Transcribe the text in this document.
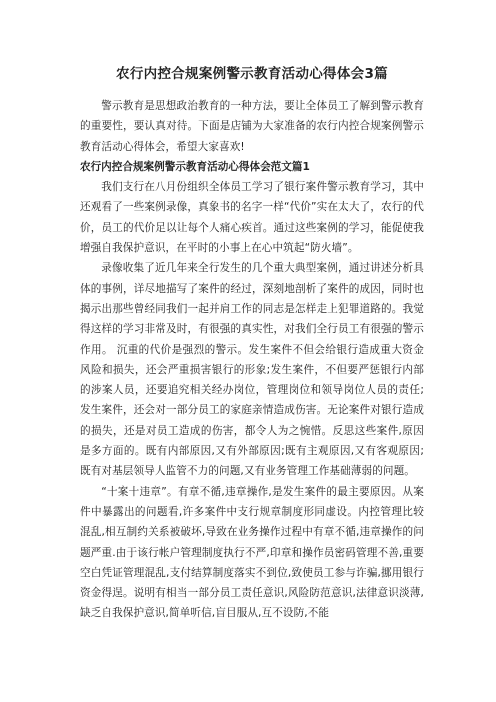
农行内控合规案例警示教育活动心得体会3篇

警示教育是思想政治教育的一种方法，要让全体员工了解到警示教育的重要性，要认真对待。下面是店铺为大家准备的农行内控合规案例警示教育活动心得体会，希望大家喜欢!

农行内控合规案例警示教育活动心得体会范文篇1

我们支行在八月份组织全体员工学习了银行案件警示教育学习，其中还观看了一些案例录像，真象书的名字一样“代价”实在太大了，农行的代价，员工的代价足以让每个人痛心疾首。通过这些案例的学习，能促使我增强自我保护意识，在平时的小事上在心中筑起“防火墙”。

录像收集了近几年来全行发生的几个重大典型案例，通过讲述分析具体的事例，详尽地描写了案件的经过，深刻地剖析了案件的成因，同时也揭示出那些曾经同我们一起并肩工作的同志是怎样走上犯罪道路的。我觉得这样的学习非常及时，有很强的真实性，对我们全行员工有很强的警示作用。 沉重的代价是强烈的警示。发生案件不但会给银行造成重大资金风险和损失，还会严重损害银行的形象;发生案件，不但要严惩银行内部的涉案人员，还要追究相关经办岗位，管理岗位和领导岗位人员的责任;发生案件，还会对一部分员工的家庭亲情造成伤害。无论案件对银行造成的损失，还是对员工造成的伤害，都令人为之惋惜。反思这些案件,原因是多方面的。既有内部原因,又有外部原因;既有主观原因,又有客观原因;既有对基层领导人监管不力的问题,又有业务管理工作基础薄弱的问题。

“十案十违章”。有章不循,违章操作,是发生案件的最主要原因。从案件中暴露出的问题看,许多案件中支行规章制度形同虚设。内控管理比较混乱,相互制约关系被破坏,导致在业务操作过程中有章不循,违章操作的问题严重.由于该行帐户管理制度执行不严,印章和操作员密码管理不善,重要空白凭证管理混乱,支付结算制度落实不到位,致使员工参与诈骗,挪用银行资金得逞。说明有相当一部分员工责任意识,风险防范意识,法律意识淡薄,缺乏自我保护意识,简单听信,盲目服从,互不设防,不能
